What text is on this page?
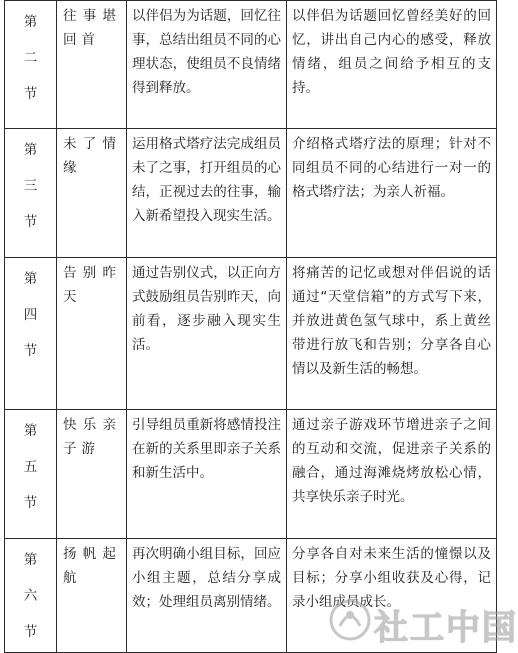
第二节	往事堪回首	以伴侣为为话题，回忆往事，总结出组员不同的心理状态，使组员不良情绪得到释放。	以伴侣为话题回忆曾经美好的回忆，讲出自己内心的感受，释放情绪，组员之间给予相互的支持。

第三节	未了情缘	运用格式塔疗法完成组员未了之事，打开组员的心结，正视过去的往事，输入新希望投入现实生活。	介绍格式塔疗法的原理；针对不同组员不同的心结进行一对一的格式塔疗法；为亲人祈福。

第四节	告别昨天	通过告别仪式，以正向方式鼓励组员告别昨天，向前看，逐步融入现实生活。	将痛苦的记忆或想对伴侣说的话通过“天堂信箱”的方式写下来，并放进黄色氢气球中，系上黄丝带进行放飞和告别；分享各自心情以及新生活的畅想。

第五节	快乐亲子游	引导组员重新将感情投注在新的关系里即亲子关系和新生活中。	通过亲子游戏环节增进亲子之间的互动和交流，促进亲子关系的融合，通过海滩烧烤放松心情，共享快乐亲子时光。

第六节	扬帆起航	再次明确小组目标，回应小组主题，总结分享成效；处理组员离别情绪。	分享各自对未来生活的憧憬以及目标；分享小组收获及心得，记录小组成员成长。
社工中国
